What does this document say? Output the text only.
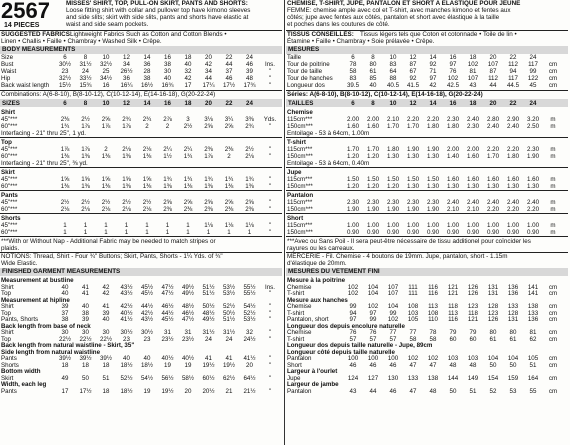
2567
14 PIECES
MISSES' SHIRT, TOP, PULL-ON SKIRT, PANTS AND SHORTS:
Loose fitting shirt with collar and pullover top have kimono sleeves
and side slits; skirt with side slits, pants and shorts have elastic at
waist and side seam pockets.
SUGGESTED FABRICS:
Lightweight Fabrics Such as Cotton and Cotton Blends •
Linen • Challis • Faille • Chambray • Washed Silk • Crêpe.
BODY MEASUREMENTS
Size	6	8	10	12	14	16	18	20	22	24
Bust	30½	31½	32½	34	36	38	40	42	44	46	Ins.
Waist	23	24	25	26½	28	30	32	34	37	39	"
Hip	32½	33½	34½	36	38	40	42	44	46	48	"
Back waist length	15½	15¾	16	16¼	16½	16¾	17	17¼	17½	17¾	"
Combinations: A(6-8-10), B(8-10-12), C(10-12-14), E(14-16-18), G(20-22-24)
SIZES	6	8	10	12	14	16	18	20	22	24
Shirt
45"***	2⅜	2½	2⅝	2¾	2¾	2⅞	3	3⅛	3¼	3⅜	Yds.
60"***	1¾	1⅞	1⅞	1⅞	2	2	2½	2⅝	2⅝	2¾	"
Interfacing - 21" thru 25", 1 yd.
Top
45"***	1⅞	1⅞	2	2⅛	2⅛	2¼	2¼	2⅜	2⅜	2½	"
60"***	1⅜	1⅜	1⅜	1⅜	1⅜	1½	1¾	1⅞	2	2⅛	"
Interfacing - 21" thru 25", ⅜ yd.
Skirt
45"***	1⅝	1⅝	1⅝	1⅝	1⅝	1¾	1¾	1¾	1¾	1¾	"
60"***	1⅜	1⅜	1⅜	1⅜	1⅜	1⅜	1⅜	1⅜	1⅜	1⅜	"
Pants
45"***	2½	2½	2½	2½	2½	2⅝	2⅝	2⅝	2⅝	2⅝	"
60"***	2⅛	2⅛	2⅛	2⅛	2⅛	2⅜	2⅜	2⅜	2⅜	2⅜	"
Shorts
45"***	1	1	1	1	1	1	1	1⅛	1⅛	1⅛	"
60"***	1	1	1	1	1	1	1	1	1	1	"
***With or Without Nap - Additional Fabric may be needed to match stripes or
plaids.
NOTIONS: Thread, Shirt - Four ¾" Buttons; Skirt, Pants, Shorts - 1¼ Yds. of ¾"
Wide Elastic.
FINISHED GARMENT MEASUREMENTS
Measurement at bustline
Shirt	40	41	42	43½	45½	47½	49½	51½	53½	55½	Ins.
Top	40	41	42	43½	45½	47½	49½	51½	53½	55½	"
Measurement at hipline
Shirt	39	40	41	42½	44½	46½	48½	50½	52½	54½	"
Top	37	38	39	40½	42½	44½	46½	48½	50½	52½	"
Pants, Shorts	38	39	40	41½	43½	45½	47½	49½	51½	53½	"
Back length from base of neck
Shirt	30	30	30	30½	30½	31	31	31½	31½	32	"
Top	22½	22½	22½	23	23	23½	23½	24	24	24½	"
Back length from natural waistline - Skirt, 35"
Side length from natural waistline
Pants	39½	39½	39½	40	40	40½	40½	41	41	41½	"
Shorts	18	18	18	18½	18½	19	19	19½	19½	20	"
Bottom width
Skirt	49	50	51	52½	54½	56½	58½	60½	62½	64½	"
Width, each leg
Pants	17	17½	18	18½	19	19½	20	20½	21	21½	"
CHEMISE, T-SHIRT, JUPE, PANTALON ET SHORT A ELASTIQUE POUR JEUNE
FEMME: chemise ample avec col et T-shirt, avec manches kimono et fentes aux
côtés; jupe avec fentes aux côtés, pantalon et short avec élastique à la taille
et poches dans les coutures de côté.
TISSUS CONSEILLÉS: Tissus légers tels que Coton et cotonnade • Toile de lin •
Étamine • Faille • Chambray • Soie prélavée • Crêpe.
MESURES
Taille	6	8	10	12	14	16	18	20	22	24
Tour de poitrine	78	80	83	87	92	97	102	107	112	117	cm
Tour de taille	58	61	64	67	71	76	81	87	94	99	cm
Tour de hanches	83	85	88	92	97	102	107	112	117	122	cm
Longueur dos	39.5	40	40.5	41.5	42	42.5	43	44	44.5	45	cm
Séries: A(6-8-10), B(8-10-12), C(10-12-14), E(14-16-18), G(20-22-24)
TAILLES	6	8	10	12	14	16	18	20	22	24
Chemise
115cm***	2.00	2.00	2.10	2.20	2.20	2.30	2.40	2.80	2.90	3.20	m
150cm***	1.60	1.60	1.70	1.70	1.80	1.80	2.30	2.40	2.40	2.50	m
Entoilage - 53 à 64cm, 1.00m
T-shirt
115cm***	1.70	1.70	1.80	1.90	1.90	2.00	2.00	2.20	2.20	2.30	m
150cm***	1.20	1.20	1.30	1.30	1.30	1.40	1.60	1.70	1.80	1.90	m
Entoilage - 53 à 64cm, 0.40m
Jupe
115cm***	1.50	1.50	1.50	1.50	1.50	1.60	1.60	1.60	1.60	1.60	m
150cm***	1.20	1.20	1.20	1.30	1.30	1.30	1.30	1.30	1.30	1.30	m
Pantalon
115cm***	2.30	2.30	2.30	2.30	2.30	2.40	2.40	2.40	2.40	2.40	m
150cm***	1.90	1.90	1.90	1.90	1.90	2.10	2.10	2.20	2.20	2.20	m
Short
115cm***	1.00	1.00	1.00	1.00	1.00	1.00	1.00	1.00	1.00	1.00	m
150cm***	0.90	0.90	0.90	0.90	0.90	0.90	0.90	0.90	0.90	0.90	m
***Avec ou Sans Poil - Il sera peut-être nécessaire de tissu additionel pour coïncider les
rayures ou les carreaux.
MERCERIE - Fil. Chemise - 4 boutons de 19mm. Jupe, pantalon, short - 1.15m
d'élastique de 20mm.
MESURES DU VETEMENT FINI
Mesure à la poitrine
Chemise	102	104	107	111	116	121	126	131	136	141	cm
T-shirt	102	104	107	111	116	121	126	131	136	141	cm
Mesure aux hanches
Chemise	99	102	104	108	113	118	123	128	133	138	cm
T-shirt	94	97	99	103	108	113	118	123	128	133	cm
Pantalon, short	97	99	102	105	110	116	121	126	131	136	cm
Longueur dos depuis encolure naturelle
Chemise	76	76	77	77	78	79	79	80	80	81	cm
T-shirt	57	57	57	58	58	60	60	61	61	62	cm
Longueur dos depuis taille naturelle - Jupe, 89cm
Longueur côté depuis taille naturelle
Pantalon	100	100	100	102	102	103	103	104	104	105	cm
Short	46	46	46	47	47	48	48	50	50	51	cm
Largeur à l'ourlet
Jupe	124	127	130	133	138	144	149	154	159	164	cm
Largeur de jambe
Pantalon	43	44	46	47	48	50	51	52	53	55	cm
